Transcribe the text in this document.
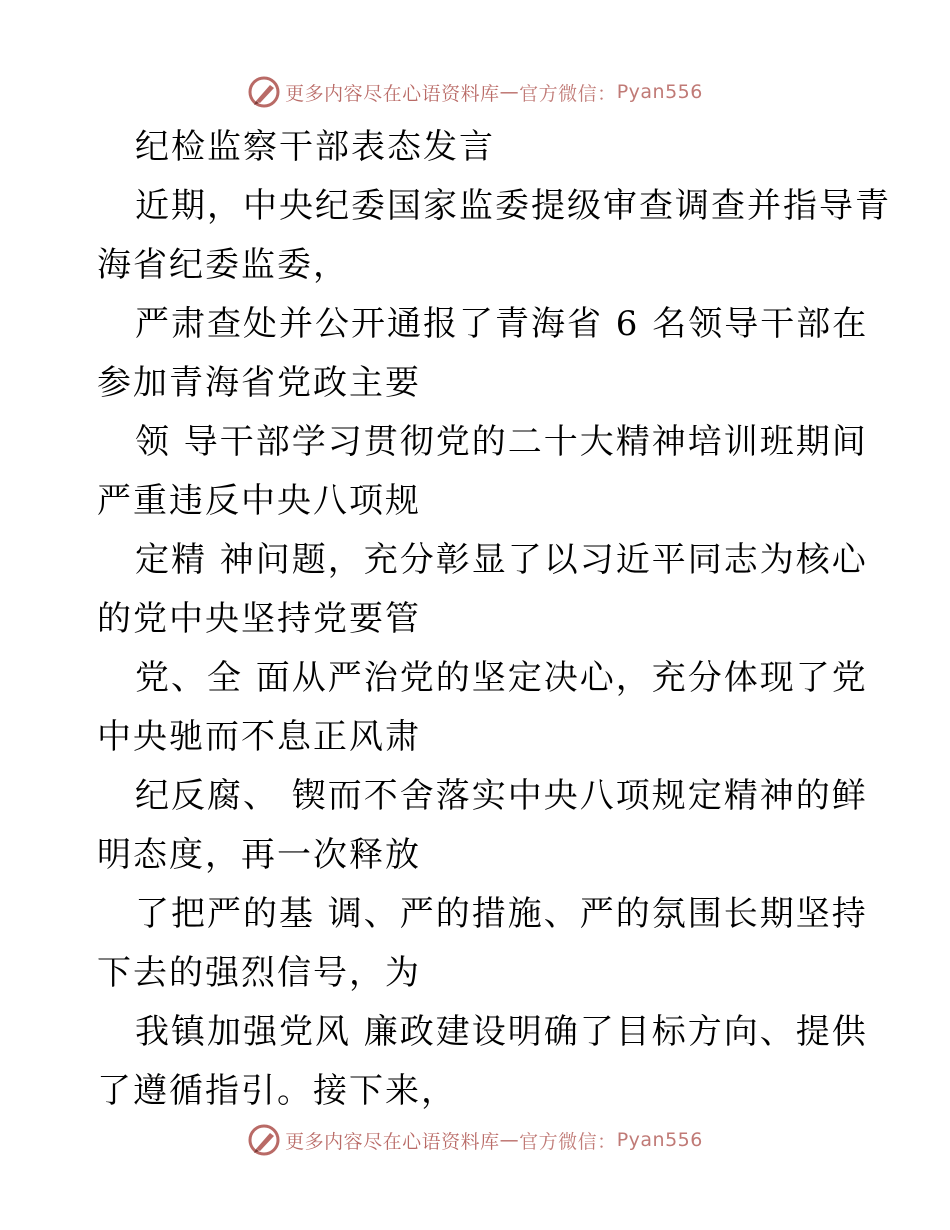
更多内容尽在心语资料库 — 官方微信： Pyan556

纪检监察干部表态发言

近期，中央纪委国家监委提级审查调查并指导青

海省纪委监委，

严肃查处并公开通报了青海省 6 名领导干部在

参加青海省党政主要

领 导干部学习贯彻党的二十大精神培训班期间

严重违反中央八项规

定精 神问题，充分彰显了以习近平同志为核心

的党中央坚持党要管

党、全 面从严治党的坚定决心，充分体现了党

中央驰而不息正风肃

纪反腐、 锲而不舍落实中央八项规定精神的鲜

明态度，再一次释放

了把严的基 调、严的措施、严的氛围长期坚持

下去的强烈信号，为

我镇加强党风 廉政建设明确了目标方向、提供

了遵循指引。接下来，

更多内容尽在心语资料库 — 官方微信： Pyan556
